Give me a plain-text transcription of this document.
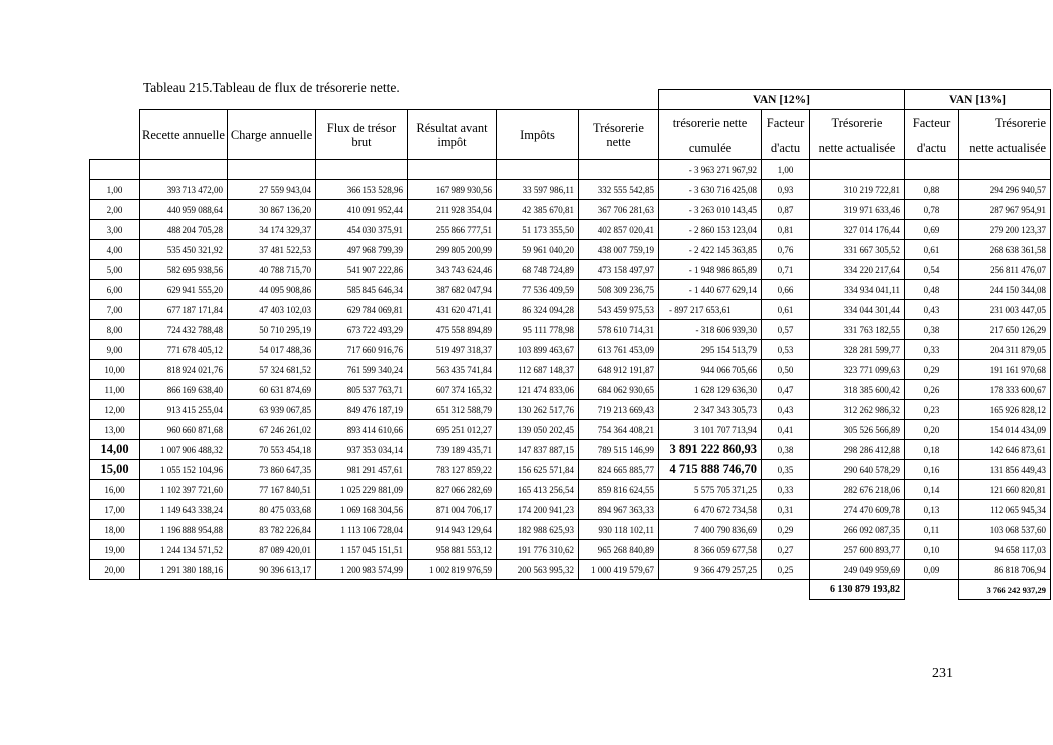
Tableau 215.Tableau de flux de trésorerie nette.
							VAN [12%]			VAN [13%]	
	Recette annuelle	Charge annuelle	Flux de trésor brut	Résultat avant impôt	Impôts	Trésorerie nette	trésorerie nette	Facteur	Trésorerie	Facteur	Trésorerie
							cumulée	d'actu	nette actualisée	d'actu	nette actualisée
							- 3 963 271 967,92	1,00			
1,00	393 713 472,00	27 559 943,04	366 153 528,96	167 989 930,56	33 597 986,11	332 555 542,85	- 3 630 716 425,08	0,93	310 219 722,81	0,88	294 296 940,57
2,00	440 959 088,64	30 867 136,20	410 091 952,44	211 928 354,04	42 385 670,81	367 706 281,63	- 3 263 010 143,45	0,87	319 971 633,46	0,78	287 967 954,91
3,00	488 204 705,28	34 174 329,37	454 030 375,91	255 866 777,51	51 173 355,50	402 857 020,41	- 2 860 153 123,04	0,81	327 014 176,44	0,69	279 200 123,37
4,00	535 450 321,92	37 481 522,53	497 968 799,39	299 805 200,99	59 961 040,20	438 007 759,19	- 2 422 145 363,85	0,76	331 667 305,52	0,61	268 638 361,58
5,00	582 695 938,56	40 788 715,70	541 907 222,86	343 743 624,46	68 748 724,89	473 158 497,97	- 1 948 986 865,89	0,71	334 220 217,64	0,54	256 811 476,07
6,00	629 941 555,20	44 095 908,86	585 845 646,34	387 682 047,94	77 536 409,59	508 309 236,75	- 1 440 677 629,14	0,66	334 934 041,11	0,48	244 150 344,08
7,00	677 187 171,84	47 403 102,03	629 784 069,81	431 620 471,41	86 324 094,28	543 459 975,53	- 897 217 653,61	0,61	334 044 301,44	0,43	231 003 447,05
8,00	724 432 788,48	50 710 295,19	673 722 493,29	475 558 894,89	95 111 778,98	578 610 714,31	- 318 606 939,30	0,57	331 763 182,55	0,38	217 650 126,29
9,00	771 678 405,12	54 017 488,36	717 660 916,76	519 497 318,37	103 899 463,67	613 761 453,09	295 154 513,79	0,53	328 281 599,77	0,33	204 311 879,05
10,00	818 924 021,76	57 324 681,52	761 599 340,24	563 435 741,84	112 687 148,37	648 912 191,87	944 066 705,66	0,50	323 771 099,63	0,29	191 161 970,68
11,00	866 169 638,40	60 631 874,69	805 537 763,71	607 374 165,32	121 474 833,06	684 062 930,65	1 628 129 636,30	0,47	318 385 600,42	0,26	178 333 600,67
12,00	913 415 255,04	63 939 067,85	849 476 187,19	651 312 588,79	130 262 517,76	719 213 669,43	2 347 343 305,73	0,43	312 262 986,32	0,23	165 926 828,12
13,00	960 660 871,68	67 246 261,02	893 414 610,66	695 251 012,27	139 050 202,45	754 364 408,21	3 101 707 713,94	0,41	305 526 566,89	0,20	154 014 434,09
14,00	1 007 906 488,32	70 553 454,18	937 353 034,14	739 189 435,71	147 837 887,15	789 515 146,99	3 891 222 860,93	0,38	298 286 412,88	0,18	142 646 873,61
15,00	1 055 152 104,96	73 860 647,35	981 291 457,61	783 127 859,22	156 625 571,84	824 665 885,77	4 715 888 746,70	0,35	290 640 578,29	0,16	131 856 449,43
16,00	1 102 397 721,60	77 167 840,51	1 025 229 881,09	827 066 282,69	165 413 256,54	859 816 624,55	5 575 705 371,25	0,33	282 676 218,06	0,14	121 660 820,81
17,00	1 149 643 338,24	80 475 033,68	1 069 168 304,56	871 004 706,17	174 200 941,23	894 967 363,33	6 470 672 734,58	0,31	274 470 609,78	0,13	112 065 945,34
18,00	1 196 888 954,88	83 782 226,84	1 113 106 728,04	914 943 129,64	182 988 625,93	930 118 102,11	7 400 790 836,69	0,29	266 092 087,35	0,11	103 068 537,60
19,00	1 244 134 571,52	87 089 420,01	1 157 045 151,51	958 881 553,12	191 776 310,62	965 268 840,89	8 366 059 677,58	0,27	257 600 893,77	0,10	94 658 117,03
20,00	1 291 380 188,16	90 396 613,17	1 200 983 574,99	1 002 819 976,59	200 563 995,32	1 000 419 579,67	9 366 479 257,25	0,25	249 049 959,69	0,09	86 818 706,94
									6 130 879 193,82		3 766 242 937,29
231
